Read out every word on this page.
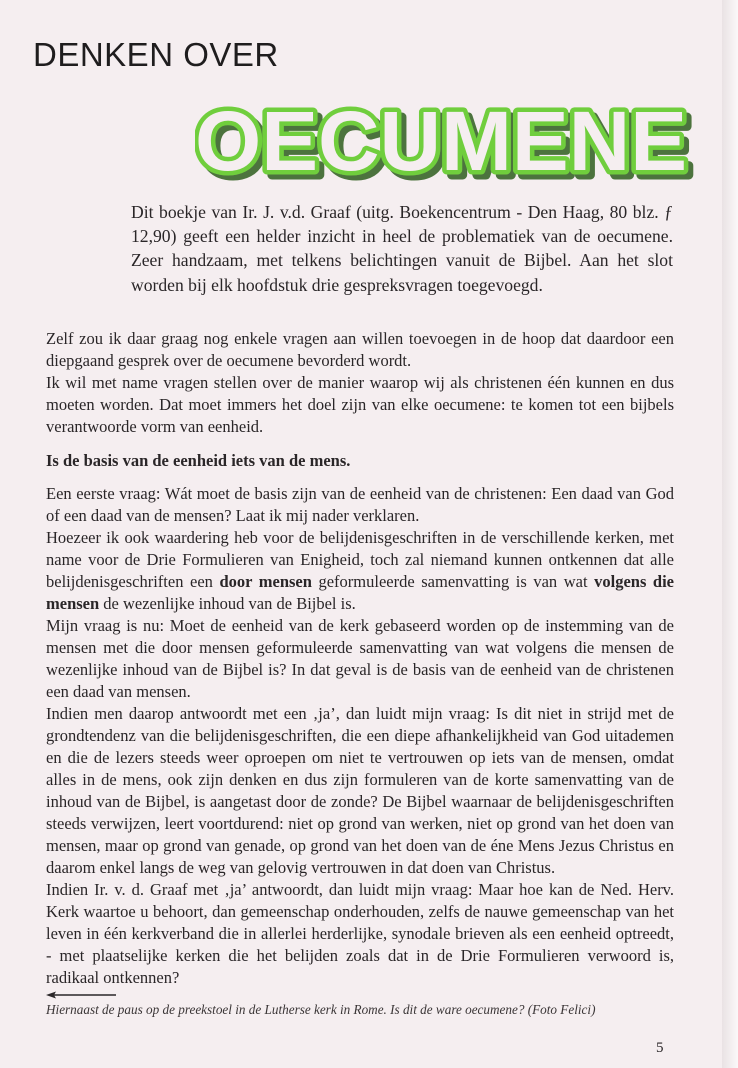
DENKEN OVER
OECUMENE

Dit boekje van Ir. J. v.d. Graaf (uitg. Boekencentrum - Den Haag, 80 blz. ƒ 12,90) geeft een helder inzicht in heel de problematiek van de oecumene. Zeer handzaam, met telkens belichtingen vanuit de Bijbel. Aan het slot worden bij elk hoofdstuk drie gespreksvragen toegevoegd.

Zelf zou ik daar graag nog enkele vragen aan willen toevoegen in de hoop dat daardoor een diepgaand gesprek over de oecumene bevorderd wordt.

Ik wil met name vragen stellen over de manier waarop wij als christenen één kunnen en dus moeten worden. Dat moet immers het doel zijn van elke oecumene: te komen tot een bijbels verantwoorde vorm van eenheid.

Is de basis van de eenheid iets van de mens.

Een eerste vraag: Wát moet de basis zijn van de eenheid van de christenen: Een daad van God of een daad van de mensen? Laat ik mij nader verklaren.

Hoezeer ik ook waardering heb voor de belijdenisgeschriften in de verschillende kerken, met name voor de Drie Formulieren van Enigheid, toch zal niemand kunnen ontkennen dat alle belijdenisgeschriften een door mensen geformuleerde samenvatting is van wat volgens die mensen de wezenlijke inhoud van de Bijbel is.

Mijn vraag is nu: Moet de eenheid van de kerk gebaseerd worden op de instemming van de mensen met die door mensen geformuleerde samenvatting van wat volgens die mensen de wezenlijke inhoud van de Bijbel is? In dat geval is de basis van de eenheid van de christenen een daad van mensen.

Indien men daarop antwoordt met een ‚ja’, dan luidt mijn vraag: Is dit niet in strijd met de grondtendenz van die belijdenisgeschriften, die een diepe afhankelijkheid van God uitademen en die de lezers steeds weer oproepen om niet te vertrouwen op iets van de mensen, omdat alles in de mens, ook zijn denken en dus zijn formuleren van de korte samenvatting van de inhoud van de Bijbel, is aangetast door de zonde? De Bijbel waarnaar de belijdenisgeschriften steeds verwijzen, leert voortdurend: niet op grond van werken, niet op grond van het doen van mensen, maar op grond van genade, op grond van het doen van de éne Mens Jezus Christus en daarom enkel langs de weg van gelovig vertrouwen in dat doen van Christus.

Indien Ir. v. d. Graaf met ‚ja’ antwoordt, dan luidt mijn vraag: Maar hoe kan de Ned. Herv. Kerk waartoe u behoort, dan gemeenschap onderhouden, zelfs de nauwe gemeenschap van het leven in één kerkverband die in allerlei herderlijke, synodale brieven als een eenheid optreedt, - met plaatselijke kerken die het belijden zoals dat in de Drie Formulieren verwoord is, radikaal ontkennen?

Hiernaast de paus op de preekstoel in de Lutherse kerk in Rome. Is dit de ware oecumene? (Foto Felici)

5
